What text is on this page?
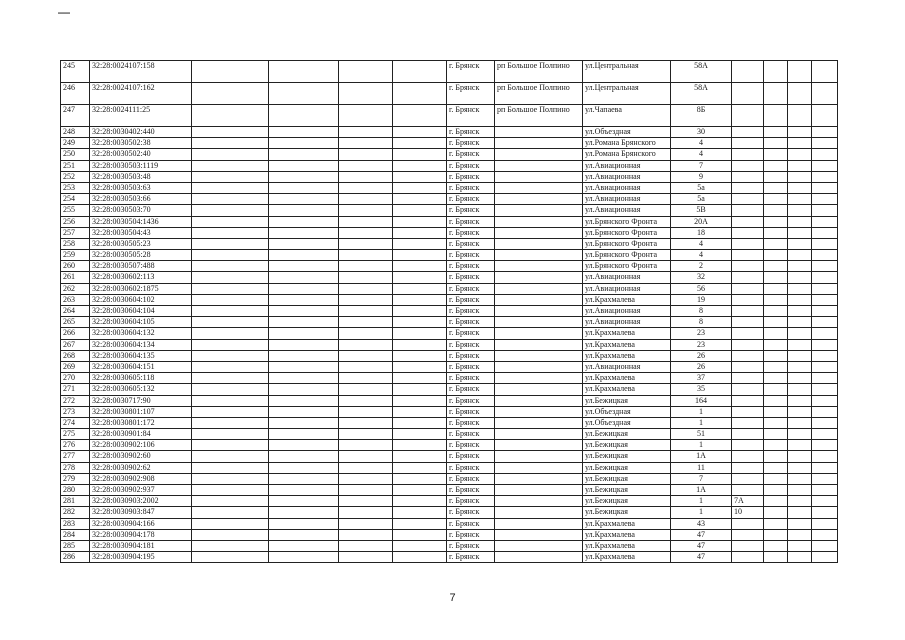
▬▬
245	32:28:0024107:158					г. Брянск	рп Большое Полпино	ул.Центральная	58А				
246	32:28:0024107:162					г. Брянск	рп Большое Полпино	ул.Центральная	58А				
247	32:28:0024111:25					г. Брянск	рп Большое Полпино	ул.Чапаева	8Б				
248	32:28:0030402:440					г. Брянск		ул.Объездная	30				
249	32:28:0030502:38					г. Брянск		ул.Романа Брянского	4				
250	32:28:0030502:40					г. Брянск		ул.Романа Брянского	4				
251	32:28:0030503:1119					г. Брянск		ул.Авиационная	7				
252	32:28:0030503:48					г. Брянск		ул.Авиационная	9				
253	32:28:0030503:63					г. Брянск		ул.Авиационная	5а				
254	32:28:0030503:66					г. Брянск		ул.Авиационная	5а				
255	32:28:0030503:70					г. Брянск		ул.Авиационная	5В				
256	32:28:0030504:1436					г. Брянск		ул.Брянского Фронта	20А				
257	32:28:0030504:43					г. Брянск		ул.Брянского Фронта	18				
258	32:28:0030505:23					г. Брянск		ул.Брянского Фронта	4				
259	32:28:0030505:28					г. Брянск		ул.Брянского Фронта	4				
260	32:28:0030507:488					г. Брянск		ул.Брянского Фронта	2				
261	32:28:0030602:113					г. Брянск		ул.Авиационная	32				
262	32:28:0030602:1875					г. Брянск		ул.Авиационная	56				
263	32:28:0030604:102					г. Брянск		ул.Крахмалева	19				
264	32:28:0030604:104					г. Брянск		ул.Авиационная	8				
265	32:28:0030604:105					г. Брянск		ул.Авиационная	8				
266	32:28:0030604:132					г. Брянск		ул.Крахмалева	23				
267	32:28:0030604:134					г. Брянск		ул.Крахмалева	23				
268	32:28:0030604:135					г. Брянск		ул.Крахмалева	26				
269	32:28:0030604:151					г. Брянск		ул.Авиационная	26				
270	32:28:0030605:118					г. Брянск		ул.Крахмалева	37				
271	32:28:0030605:132					г. Брянск		ул.Крахмалева	35				
272	32:28:0030717:90					г. Брянск		ул.Бежицкая	164				
273	32:28:0030801:107					г. Брянск		ул.Объездная	1				
274	32:28:0030801:172					г. Брянск		ул.Объездная	1				
275	32:28:0030901:84					г. Брянск		ул.Бежицкая	51				
276	32:28:0030902:106					г. Брянск		ул.Бежицкая	1				
277	32:28:0030902:60					г. Брянск		ул.Бежицкая	1А				
278	32:28:0030902:62					г. Брянск		ул.Бежицкая	11				
279	32:28:0030902:908					г. Брянск		ул.Бежицкая	7				
280	32:28:0030902:937					г. Брянск		ул.Бежицкая	1А				
281	32:28:0030903:2002					г. Брянск		ул.Бежицкая	1	7А			
282	32:28:0030903:847					г. Брянск		ул.Бежицкая	1	10			
283	32:28:0030904:166					г. Брянск		ул.Крахмалева	43				
284	32:28:0030904:178					г. Брянск		ул.Крахмалева	47				
285	32:28:0030904:181					г. Брянск		ул.Крахмалева	47				
286	32:28:0030904:195					г. Брянск		ул.Крахмалева	47				
7
